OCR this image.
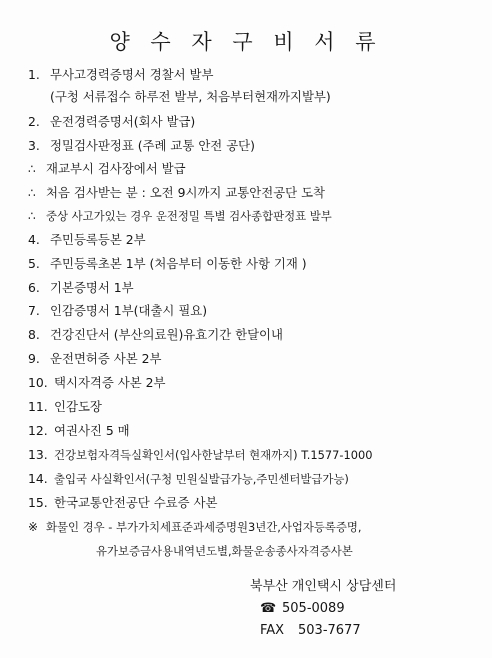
양 수 자 구 비 서 류
1. 무사고경력증명서 경찰서 발부
(구청 서류접수 하루전 발부, 처음부터현재까지발부)
2. 운전경력증명서(회사 발급)
3. 정밀검사판정표 (주례 교통 안전 공단)
∴ 재교부시 검사장에서 발급
∴ 처음 검사받는 분 : 오전 9시까지 교통안전공단 도착
∴ 중상 사고가있는 경우 운전정밀 특별 검사종합판정표 발부
4. 주민등록등본 2부
5. 주민등록초본 1부 (처음부터 이동한 사항 기재 )
6. 기본증명서 1부
7. 인감증명서 1부(대출시 필요)
8. 건강진단서 (부산의료원)유효기간 한달이내
9. 운전면허증 사본 2부
10. 택시자격증 사본 2부
11. 인감도장
12. 여권사진 5 매
13. 건강보험자격득실확인서(입사한날부터 현재까지) T.1577-1000
14. 출입국 사실확인서(구청 민원실발급가능,주민센터발급가능)
15. 한국교통안전공단 수료증 사본
※ 화물인 경우 - 부가가치세표준과세증명원3년간,사업자등록증명,
유가보증금사용내역년도별,화물운송종사자격증사본
북부산 개인택시 상담센터
☎ 505-0089
FAX 503-7677
